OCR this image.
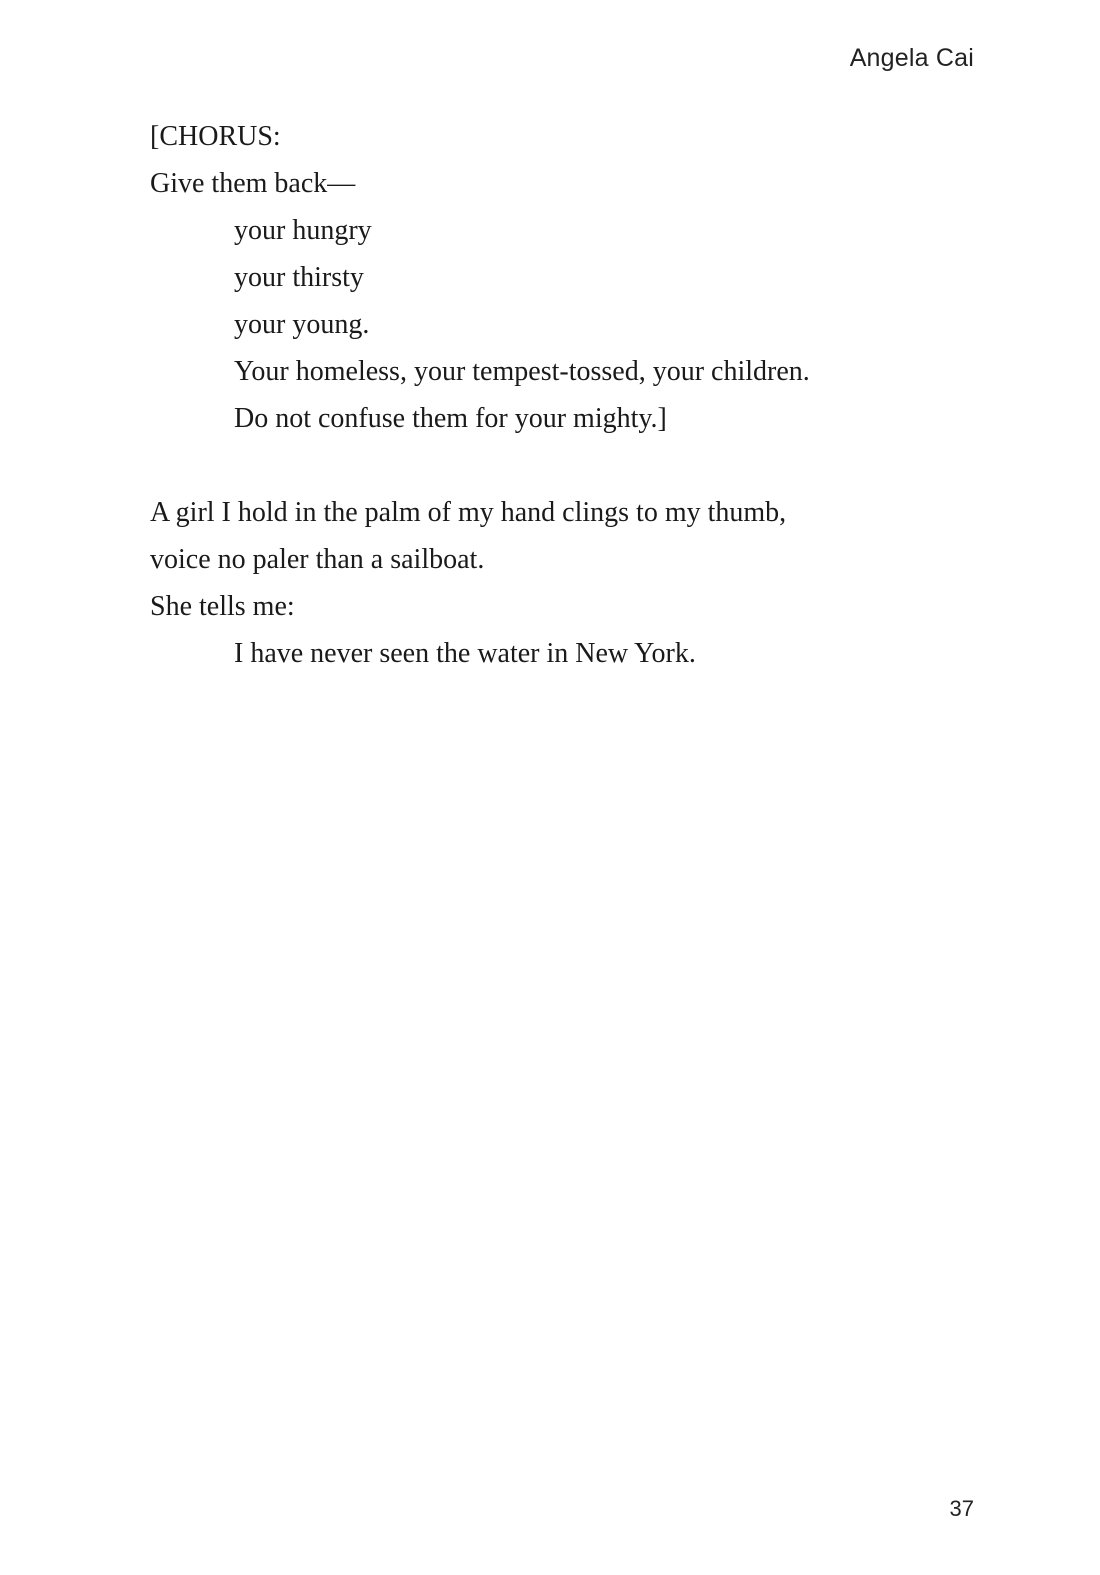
Angela Cai
[CHORUS:
Give them back—
your hungry
your thirsty
your young.
Your homeless, your tempest-tossed, your children.
Do not confuse them for your mighty.]
A girl I hold in the palm of my hand clings to my thumb,
voice no paler than a sailboat.
She tells me:
I have never seen the water in New York.
37
